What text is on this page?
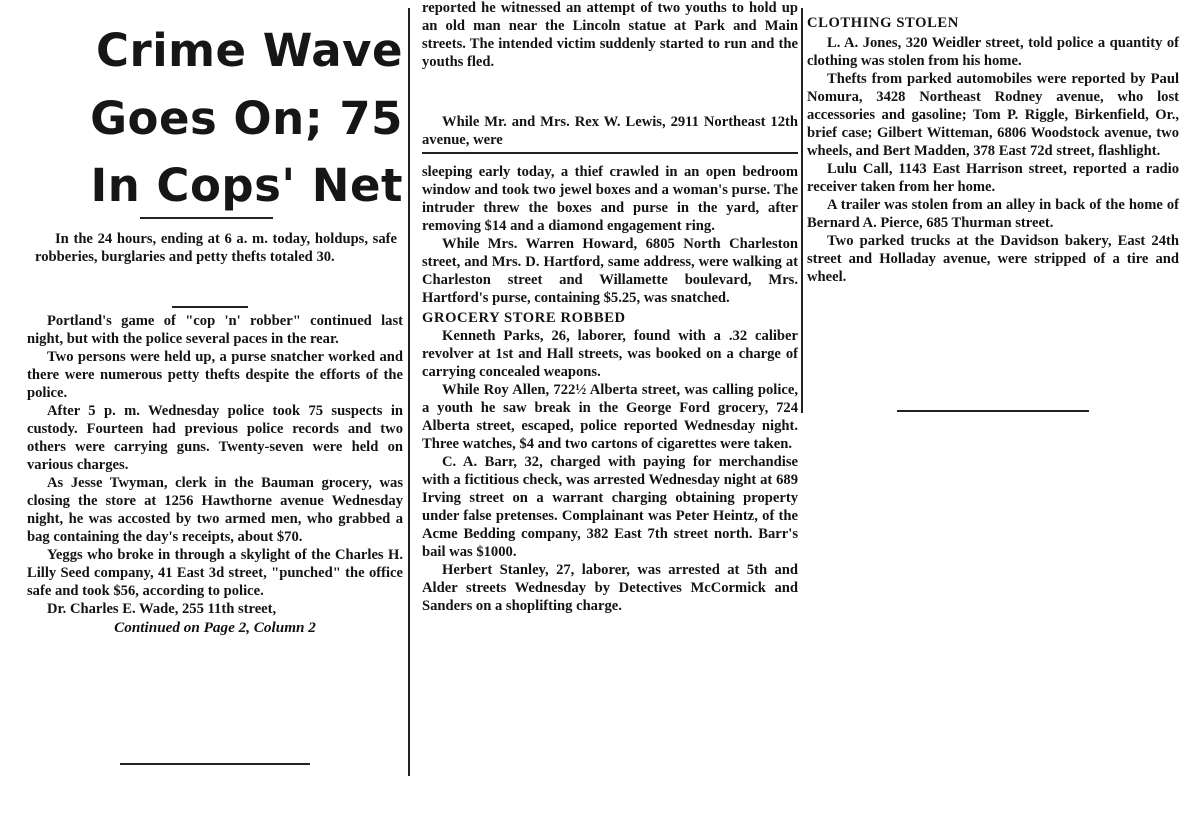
Crime Wave
Goes On; 75
In Cops' Net

In the 24 hours, ending at 6 a. m. today, holdups, safe robberies, burglaries and petty thefts totaled 30.

Portland's game of "cop 'n' robber" continued last night, but with the police several paces in the rear.

Two persons were held up, a purse snatcher worked and there were numerous petty thefts despite the efforts of the police.

After 5 p. m. Wednesday police took 75 suspects in custody. Fourteen had previous police records and two others were carrying guns. Twenty-seven were held on various charges.

As Jesse Twyman, clerk in the Bauman grocery, was closing the store at 1256 Hawthorne avenue Wednesday night, he was accosted by two armed men, who grabbed a bag containing the day's receipts, about $70.

Yeggs who broke in through a skylight of the Charles H. Lilly Seed company, 41 East 3d street, "punched" the office safe and took $56, according to police.

Dr. Charles E. Wade, 255 11th street,

Continued on Page 2, Column 2

reported he witnessed an attempt of two youths to hold up an old man near the Lincoln statue at Park and Main streets. The intended victim suddenly started to run and the youths fled.

While Mr. and Mrs. Rex W. Lewis, 2911 Northeast 12th avenue, were

sleeping early today, a thief crawled in an open bedroom window and took two jewel boxes and a woman's purse. The intruder threw the boxes and purse in the yard, after removing $14 and a diamond engagement ring.

While Mrs. Warren Howard, 6805 North Charleston street, and Mrs. D. Hartford, same address, were walking at Charleston street and Willamette boulevard, Mrs. Hartford's purse, containing $5.25, was snatched.

GROCERY STORE ROBBED

Kenneth Parks, 26, laborer, found with a .32 caliber revolver at 1st and Hall streets, was booked on a charge of carrying concealed weapons.

While Roy Allen, 722½ Alberta street, was calling police, a youth he saw break in the George Ford grocery, 724 Alberta street, escaped, police reported Wednesday night. Three watches, $4 and two cartons of cigarettes were taken.

C. A. Barr, 32, charged with paying for merchandise with a fictitious check, was arrested Wednesday night at 689 Irving street on a warrant charging obtaining property under false pretenses. Complainant was Peter Heintz, of the Acme Bedding company, 382 East 7th street north. Barr's bail was $1000.

Herbert Stanley, 27, laborer, was arrested at 5th and Alder streets Wednesday by Detectives McCormick and Sanders on a shoplifting charge.

CLOTHING STOLEN

L. A. Jones, 320 Weidler street, told police a quantity of clothing was stolen from his home.

Thefts from parked automobiles were reported by Paul Nomura, 3428 Northeast Rodney avenue, who lost accessories and gasoline; Tom P. Riggle, Birkenfield, Or., brief case; Gilbert Witteman, 6806 Woodstock avenue, two wheels, and Bert Madden, 378 East 72d street, flashlight.

Lulu Call, 1143 East Harrison street, reported a radio receiver taken from her home.

A trailer was stolen from an alley in back of the home of Bernard A. Pierce, 685 Thurman street.

Two parked trucks at the Davidson bakery, East 24th street and Holladay avenue, were stripped of a tire and wheel.
